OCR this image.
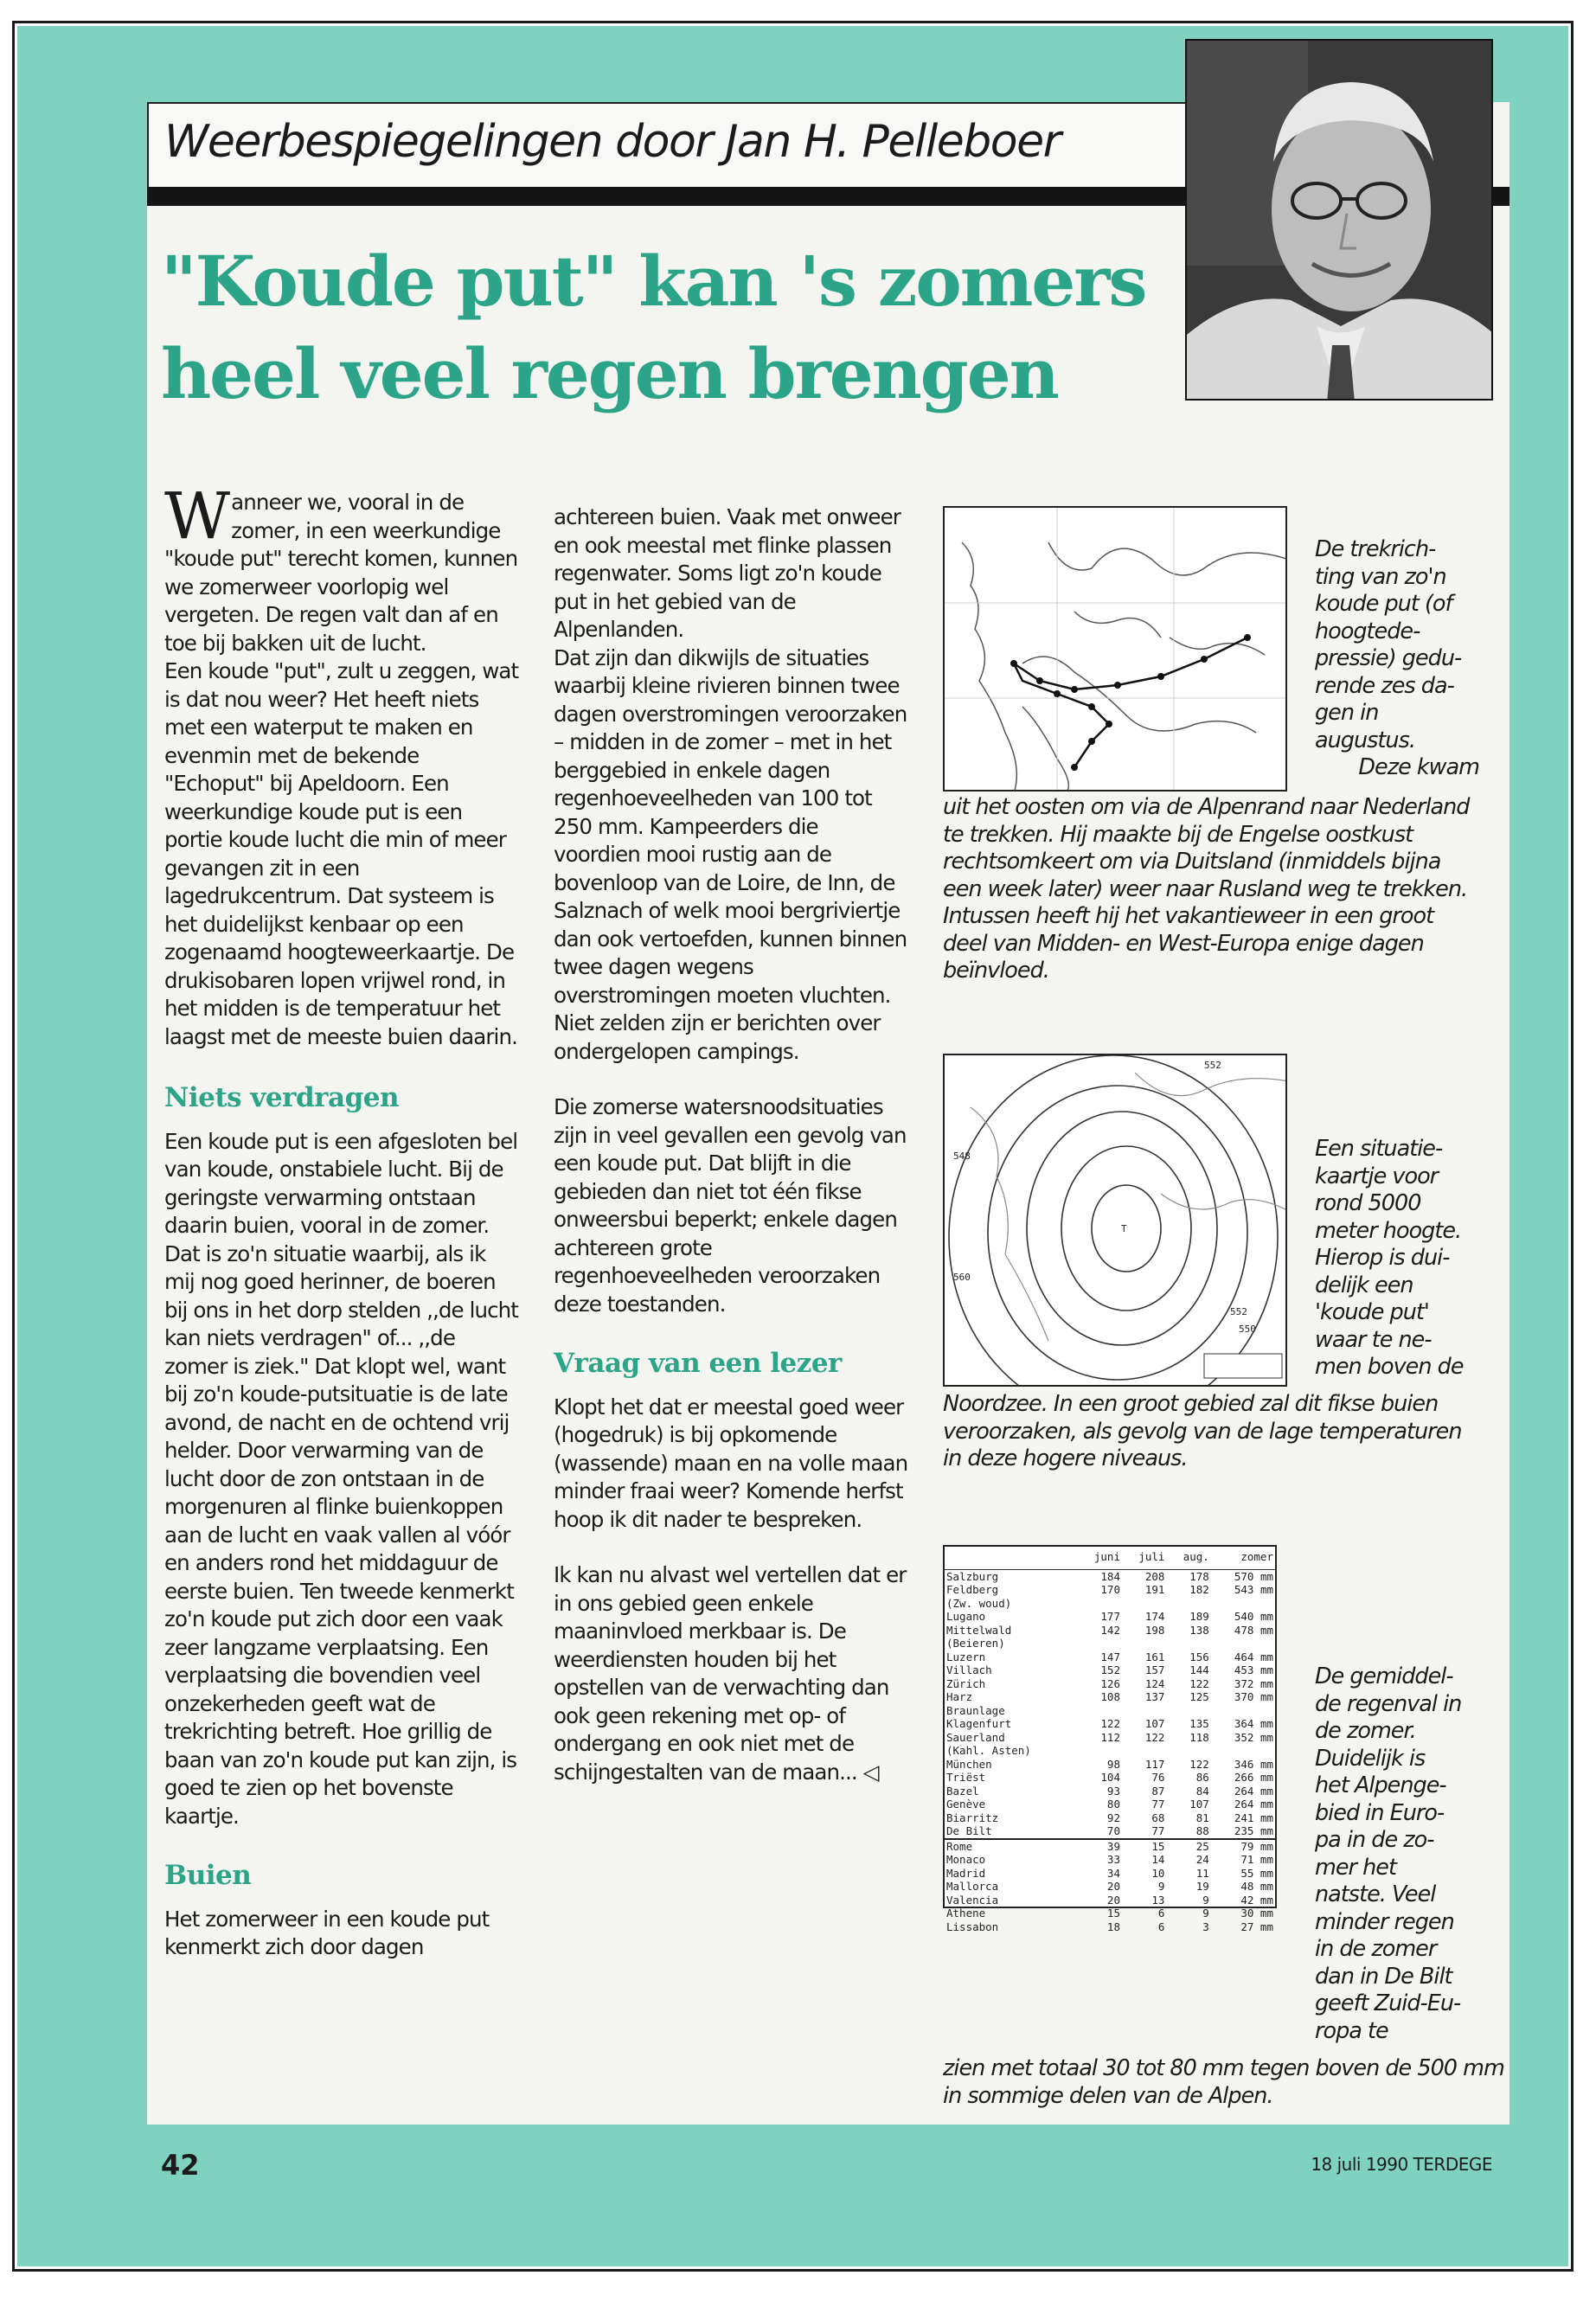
Weerbespiegelingen door Jan H. Pelleboer
"Koude put" kan 's zomers
heel veel regen brengen

Wanneer we, vooral in de zomer, in een weerkundige "koude put" terecht komen, kunnen we zomerweer voorlopig wel vergeten. De regen valt dan af en toe bij bakken uit de lucht.

Een koude "put", zult u zeggen, wat is dat nou weer? Het heeft niets met een waterput te maken en evenmin met de bekende "Echoput" bij Apeldoorn. Een weerkundige koude put is een portie koude lucht die min of meer gevangen zit in een lagedrukcentrum. Dat systeem is het duidelijkst kenbaar op een zogenaamd hoogteweerkaartje. De drukisobaren lopen vrijwel rond, in het midden is de temperatuur het laagst met de meeste buien daarin.

Niets verdragen

Een koude put is een afgesloten bel van koude, onstabiele lucht. Bij de geringste verwarming ontstaan daarin buien, vooral in de zomer. Dat is zo'n situatie waarbij, als ik mij nog goed herinner, de boeren bij ons in het dorp stelden ,,de lucht kan niets verdragen" of... ,,de zomer is ziek." Dat klopt wel, want bij zo'n koude-putsituatie is de late avond, de nacht en de ochtend vrij helder. Door verwarming van de lucht door de zon ontstaan in de morgenuren al flinke buienkoppen aan de lucht en vaak vallen al vóór en anders rond het middaguur de eerste buien. Ten tweede kenmerkt zo'n koude put zich door een vaak zeer langzame verplaatsing. Een verplaatsing die bovendien veel onzekerheden geeft wat de trekrichting betreft. Hoe grillig de baan van zo'n koude put kan zijn, is goed te zien op het bovenste kaartje.

Buien

Het zomerweer in een koude put kenmerkt zich door dagen

achtereen buien. Vaak met onweer en ook meestal met flinke plassen regenwater. Soms ligt zo'n koude put in het gebied van de Alpenlanden.

Dat zijn dan dikwijls de situaties waarbij kleine rivieren binnen twee dagen overstromingen veroorzaken – midden in de zomer – met in het berggebied in enkele dagen regenhoeveelheden van 100 tot 250 mm. Kampeerders die voordien mooi rustig aan de bovenloop van de Loire, de Inn, de Salznach of welk mooi bergriviertje dan ook vertoefden, kunnen binnen twee dagen wegens overstromingen moeten vluchten. Niet zelden zijn er berichten over ondergelopen campings.

Die zomerse watersnoodsituaties zijn in veel gevallen een gevolg van een koude put. Dat blijft in die gebieden dan niet tot één fikse onweersbui beperkt; enkele dagen achtereen grote regenhoeveelheden veroorzaken deze toestanden.

Vraag van een lezer

Klopt het dat er meestal goed weer (hogedruk) is bij opkomende (wassende) maan en na volle maan minder fraai weer? Komende herfst hoop ik dit nader te bespreken.

Ik kan nu alvast wel vertellen dat er in ons gebied geen enkele maaninvloed merkbaar is. De weerdiensten houden bij het opstellen van de verwachting dan ook geen rekening met op- of ondergang en ook niet met de schijngestalten van de maan... ◁

De trekrich-

ting van zo'n

koude put (of

hoogtede-

pressie) gedu-

rende zes da-

gen in

augustus.

Deze kwam

uit het oosten om via de Alpenrand naar Nederland te trekken. Hij maakte bij de Engelse oostkust rechtsomkeert om via Duitsland (inmiddels bijna een week later) weer naar Rusland weg te trekken. Intussen heeft hij het vakantieweer in een groot deel van Midden- en West-Europa enige dagen beïnvloed.

T
552
550
548
560
552

Een situatie-

kaartje voor

rond 5000

meter hoogte.

Hierop is dui-

delijk een

'koude put'

waar te ne-

men boven de

Noordzee. In een groot gebied zal dit fikse buien veroorzaken, als gevolg van de lage temperaturen in deze hogere niveaus.

	juni	juli	aug.	zomer
Salzburg	184	208	178	570 mm
Feldberg	170	191	182	543 mm
(Zw. woud)				
Lugano	177	174	189	540 mm
Mittelwald	142	198	138	478 mm
(Beieren)				
Luzern	147	161	156	464 mm
Villach	152	157	144	453 mm
Zürich	126	124	122	372 mm
Harz	108	137	125	370 mm
Braunlage				
Klagenfurt	122	107	135	364 mm
Sauerland	112	122	118	352 mm
(Kahl. Asten)				
München	98	117	122	346 mm
Triëst	104	76	86	266 mm
Bazel	93	87	84	264 mm
Genève	80	77	107	264 mm
Biarritz	92	68	81	241 mm
De Bilt	70	77	88	235 mm
Rome	39	15	25	79 mm
Monaco	33	14	24	71 mm
Madrid	34	10	11	55 mm
Mallorca	20	9	19	48 mm
Valencia	20	13	9	42 mm
Athene	15	6	9	30 mm
Lissabon	18	6	3	27 mm

De gemiddel-

de regenval in

de zomer.

Duidelijk is

het Alpenge-

bied in Euro-

pa in de zo-

mer het

natste. Veel

minder regen

in de zomer

dan in De Bilt

geeft Zuid-Eu-

ropa te

zien met totaal 30 tot 80 mm tegen boven de 500 mm in sommige delen van de Alpen.

42	18 juli 1990 TERDEGE
